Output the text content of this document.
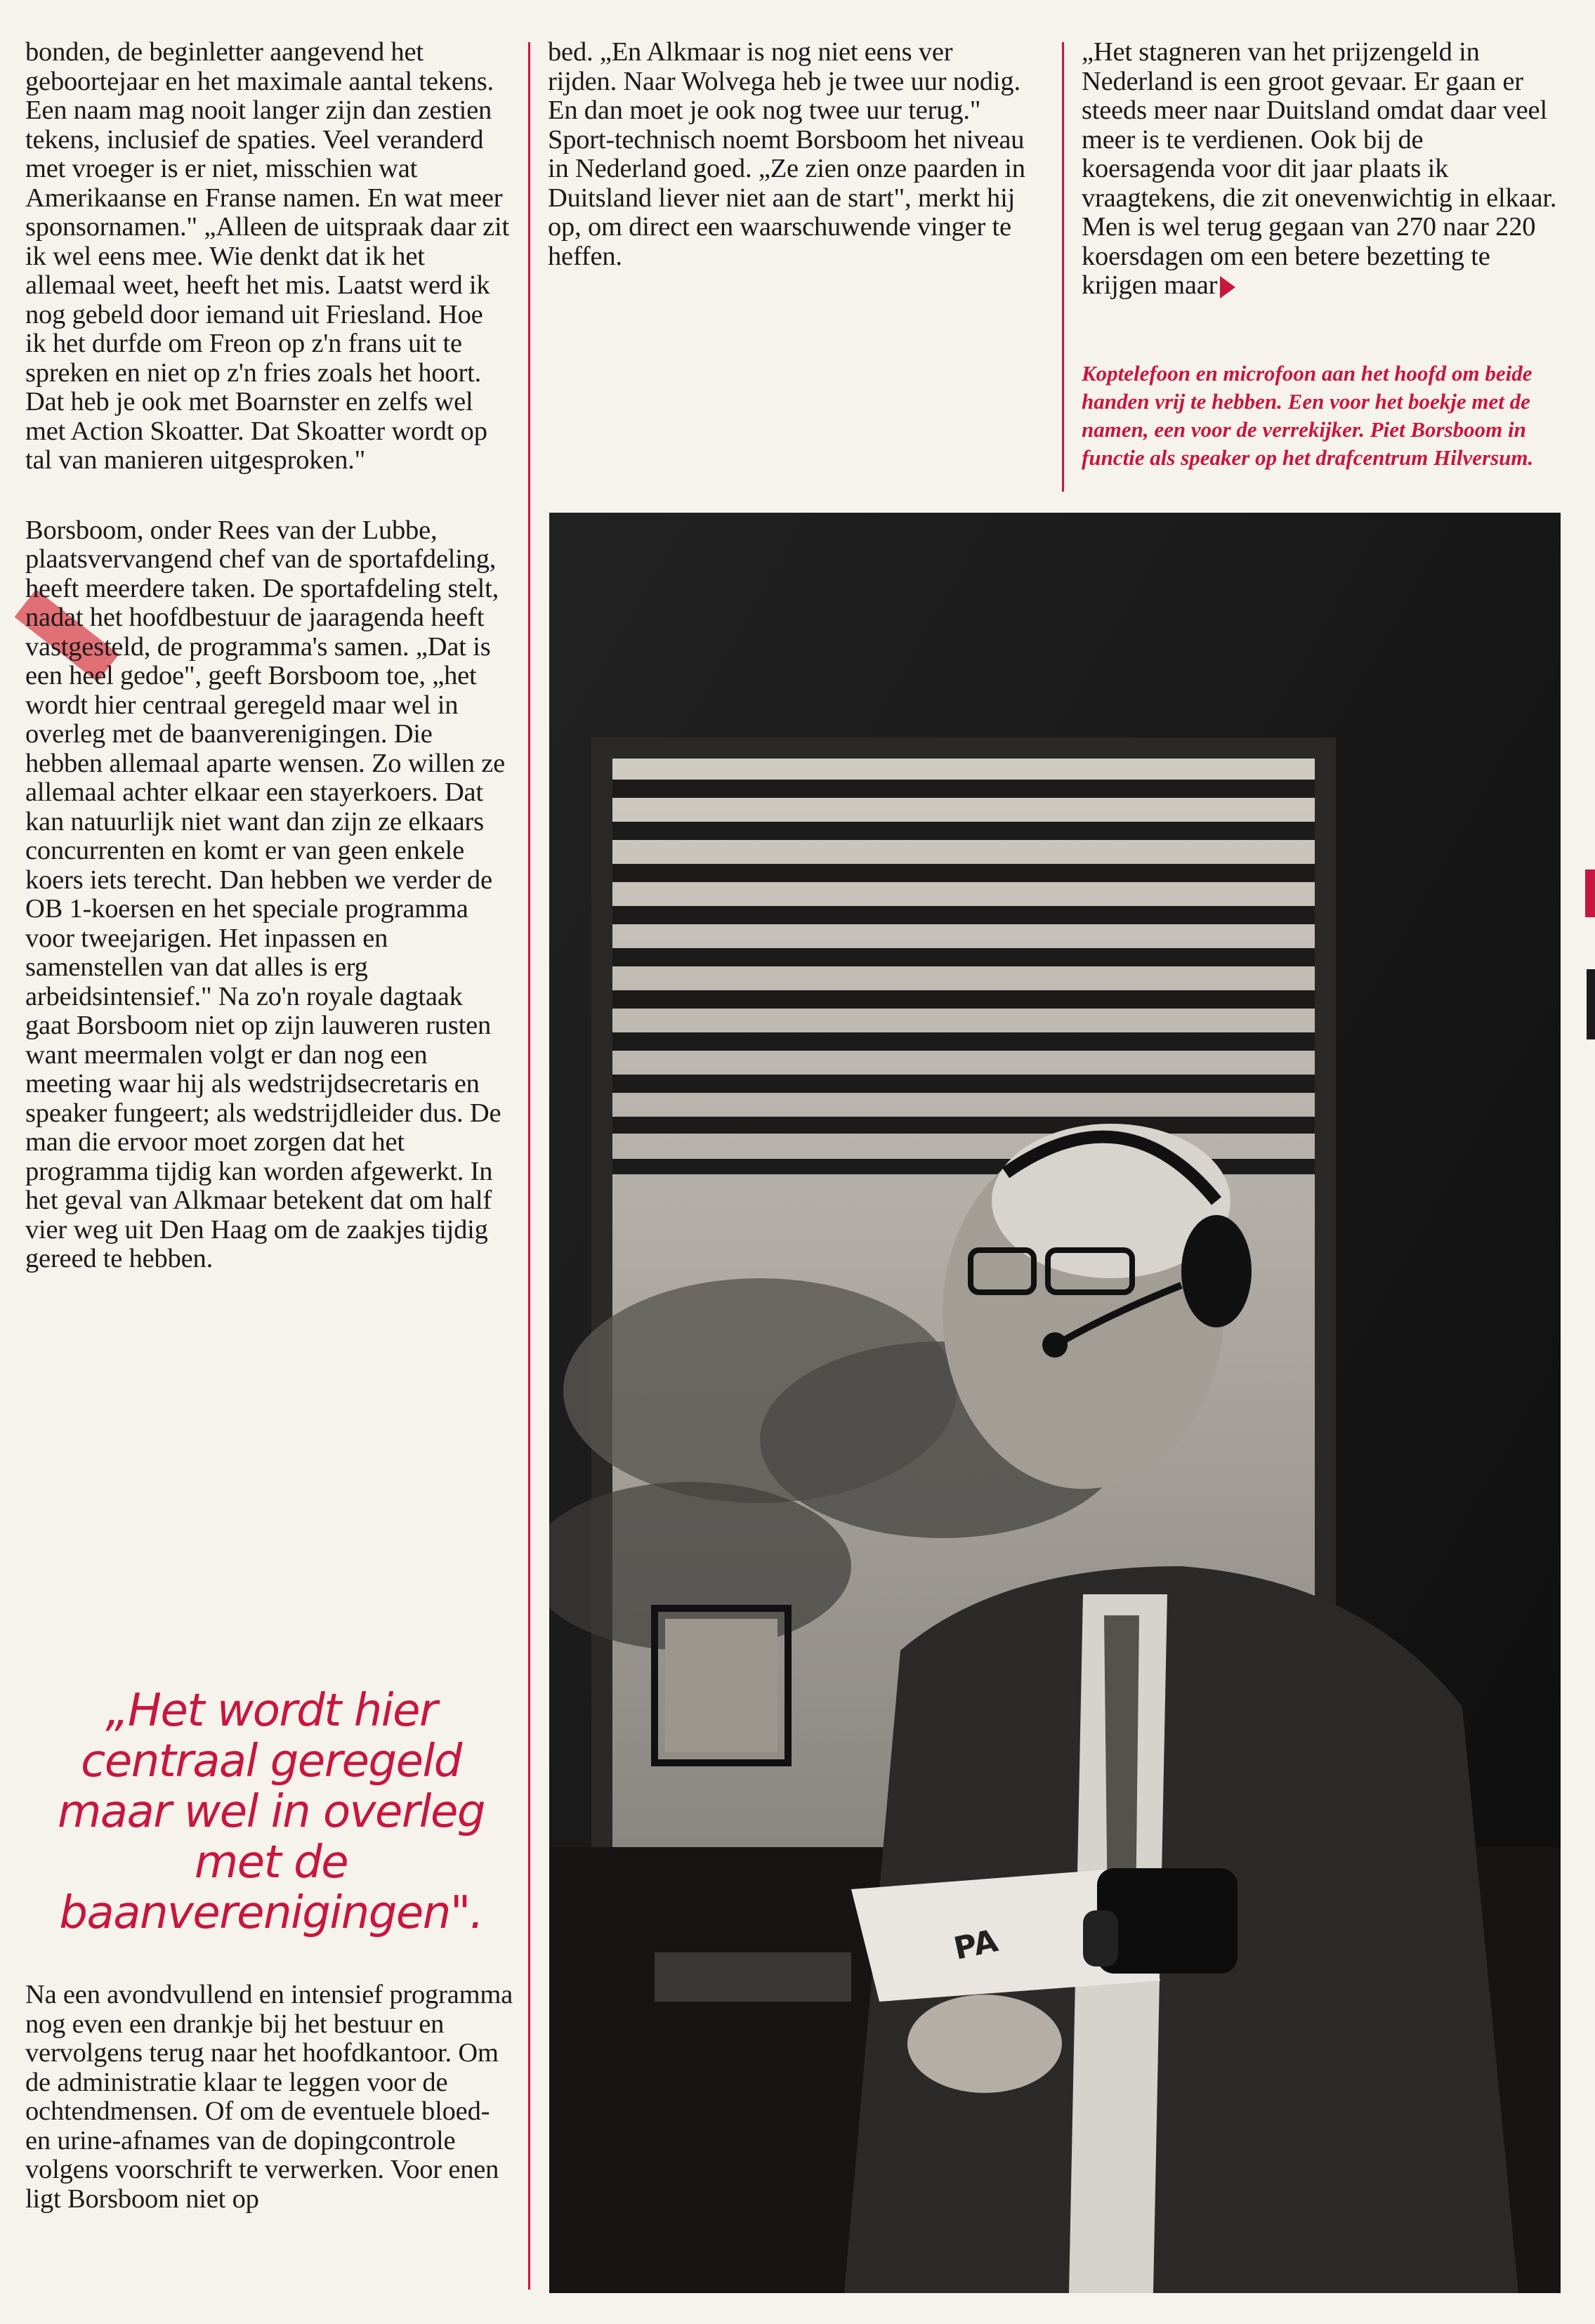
bonden, de beginletter aangevend het geboortejaar en het maximale aantal tekens. Een naam mag nooit langer zijn dan zestien tekens, inclusief de spaties. Veel veranderd met vroeger is er niet, misschien wat Amerikaanse en Franse namen. En wat meer sponsornamen." „Alleen de uitspraak daar zit ik wel eens mee. Wie denkt dat ik het allemaal weet, heeft het mis. Laatst werd ik nog gebeld door iemand uit Friesland. Hoe ik het durfde om Freon op z'n frans uit te spreken en niet op z'n fries zoals het hoort. Dat heb je ook met Boarnster en zelfs wel met Action Skoatter. Dat Skoatter wordt op tal van manieren uitgesproken."

Borsboom, onder Rees van der Lubbe, plaatsvervangend chef van de sportafdeling, heeft meerdere taken. De sportafdeling stelt, nadat het hoofdbestuur de jaaragenda heeft vastgesteld, de programma's samen. „Dat is een heel gedoe", geeft Borsboom toe, „het wordt hier centraal geregeld maar wel in overleg met de baanverenigingen. Die hebben allemaal aparte wensen. Zo willen ze allemaal achter elkaar een stayerkoers. Dat kan natuurlijk niet want dan zijn ze elkaars concurrenten en komt er van geen enkele koers iets terecht. Dan hebben we verder de OB 1-koersen en het speciale programma voor tweejarigen. Het inpassen en samenstellen van dat alles is erg arbeidsintensief." Na zo'n royale dagtaak gaat Borsboom niet op zijn lauweren rusten want meermalen volgt er dan nog een meeting waar hij als wedstrijdsecretaris en speaker fungeert; als wedstrijdleider dus. De man die ervoor moet zorgen dat het programma tijdig kan worden afgewerkt. In het geval van Alkmaar betekent dat om half vier weg uit Den Haag om de zaakjes tijdig gereed te hebben.

„Het wordt hier centraal geregeld maar wel in overleg met de baanverenigingen".

Na een avondvullend en intensief programma nog even een drankje bij het bestuur en vervolgens terug naar het hoofdkantoor. Om de administratie klaar te leggen voor de ochtendmensen. Of om de eventuele bloed- en urine-afnames van de dopingcontrole volgens voorschrift te verwerken. Voor enen ligt Borsboom niet op

bed. „En Alkmaar is nog niet eens ver rijden. Naar Wolvega heb je twee uur nodig. En dan moet je ook nog twee uur terug." Sport-technisch noemt Borsboom het niveau in Nederland goed. „Ze zien onze paarden in Duitsland liever niet aan de start", merkt hij op, om direct een waarschuwende vinger te heffen.

„Het stagneren van het prijzengeld in Nederland is een groot gevaar. Er gaan er steeds meer naar Duitsland omdat daar veel meer is te verdienen. Ook bij de koersagenda voor dit jaar plaats ik vraagtekens, die zit onevenwichtig in elkaar. Men is wel terug gegaan van 270 naar 220 koersdagen om een betere bezetting te krijgen maar

Koptelefoon en microfoon aan het hoofd om beide handen vrij te hebben. Een voor het boekje met de namen, een voor de verrekijker. Piet Borsboom in functie als speaker op het drafcentrum Hilversum.
PA
